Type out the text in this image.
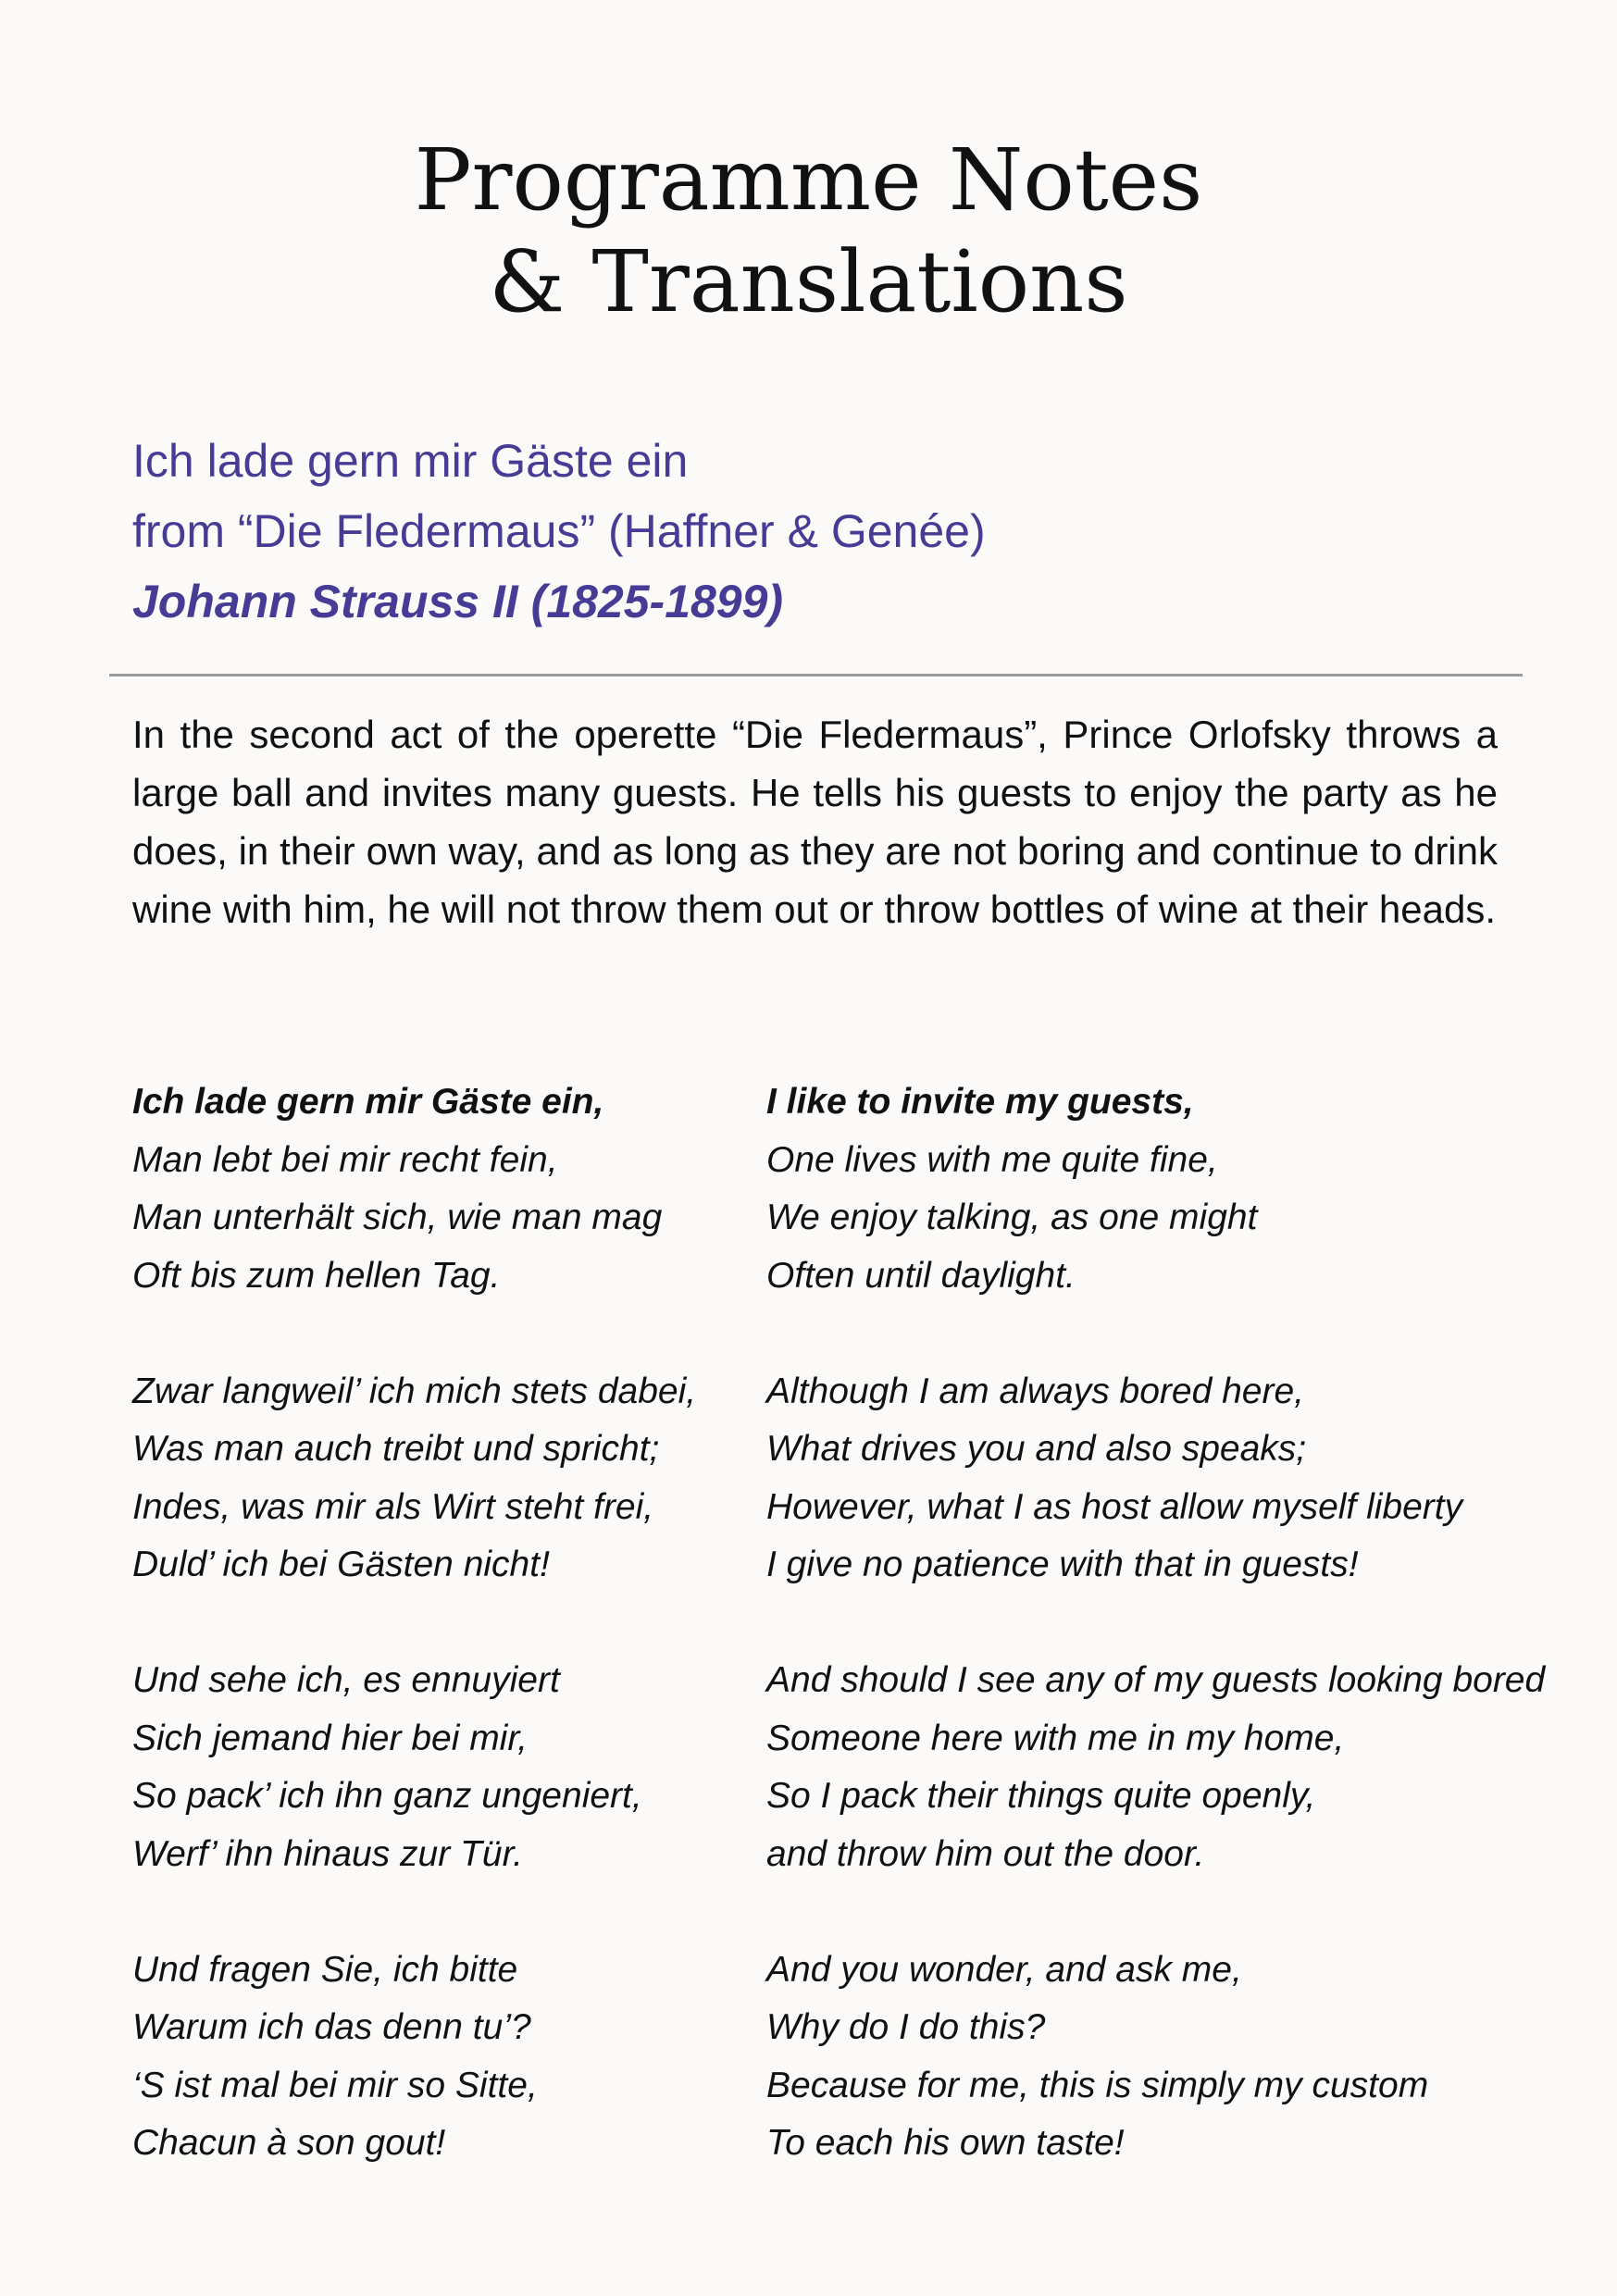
Programme Notes
& Translations
Ich lade gern mir Gäste ein
from “Die Fledermaus” (Haffner & Genée)
Johann Strauss II (1825-1899)

In the second act of the operette “Die Fledermaus”, Prince Orlofsky throws a large ball and invites many guests. He tells his guests to enjoy the party as he does, in their own way, and as long as they are not boring and continue to drink wine with him, he will not throw them out or throw bottles of wine at their heads.

Ich lade gern mir Gäste ein,
Man lebt bei mir recht fein,
Man unterhält sich, wie man mag
Oft bis zum hellen Tag.
Zwar langweil’ ich mich stets dabei,
Was man auch treibt und spricht;
Indes, was mir als Wirt steht frei,
Duld’ ich bei Gästen nicht!
Und sehe ich, es ennuyiert
Sich jemand hier bei mir,
So pack’ ich ihn ganz ungeniert,
Werf’ ihn hinaus zur Tür.
Und fragen Sie, ich bitte
Warum ich das denn tu’?
‘S ist mal bei mir so Sitte,
Chacun à son gout!
I like to invite my guests,
One lives with me quite fine,
We enjoy talking, as one might
Often until daylight.
Although I am always bored here,
What drives you and also speaks;
However, what I as host allow myself liberty
I give no patience with that in guests!
And should I see any of my guests looking bored
Someone here with me in my home,
So I pack their things quite openly,
and throw him out the door.
And you wonder, and ask me,
Why do I do this?
Because for me, this is simply my custom
To each his own taste!
